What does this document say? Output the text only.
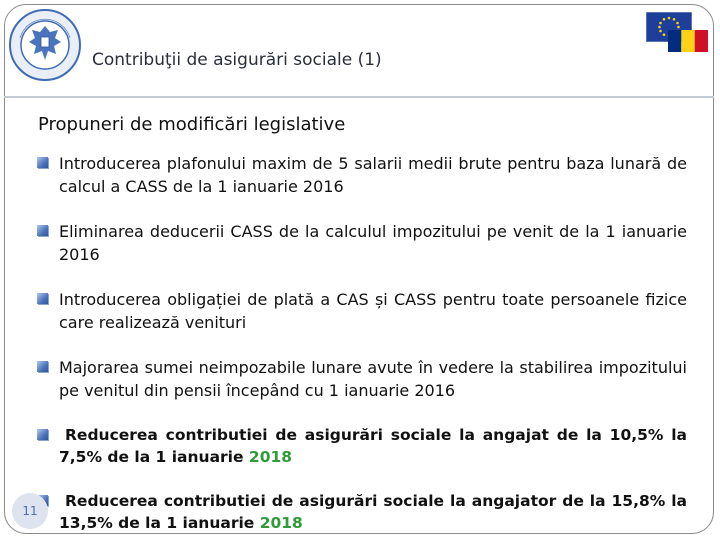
Contribuţii de asigurări sociale (1)
Propuneri de modificări legislative
Introducerea plafonului maxim de 5 salarii medii brute pentru baza lunară de calcul a CASS de la 1 ianuarie 2016
Eliminarea deducerii CASS de la calculul impozitului pe venit de la 1 ianuarie 2016
Introducerea obligației de plată a CAS și CASS pentru toate persoanele fizice care realizează venituri
Majorarea sumei neimpozabile lunare avute în vedere la stabilirea impozitului pe venitul din pensii începând cu 1 ianuarie 2016
Reducerea contributiei de asigurări sociale la angajat de la 10,5% la 7,5% de la 1 ianuarie 2018
Reducerea contributiei de asigurări sociale la angajator de la 15,8% la 13,5% de la 1 ianuarie 2018
11
